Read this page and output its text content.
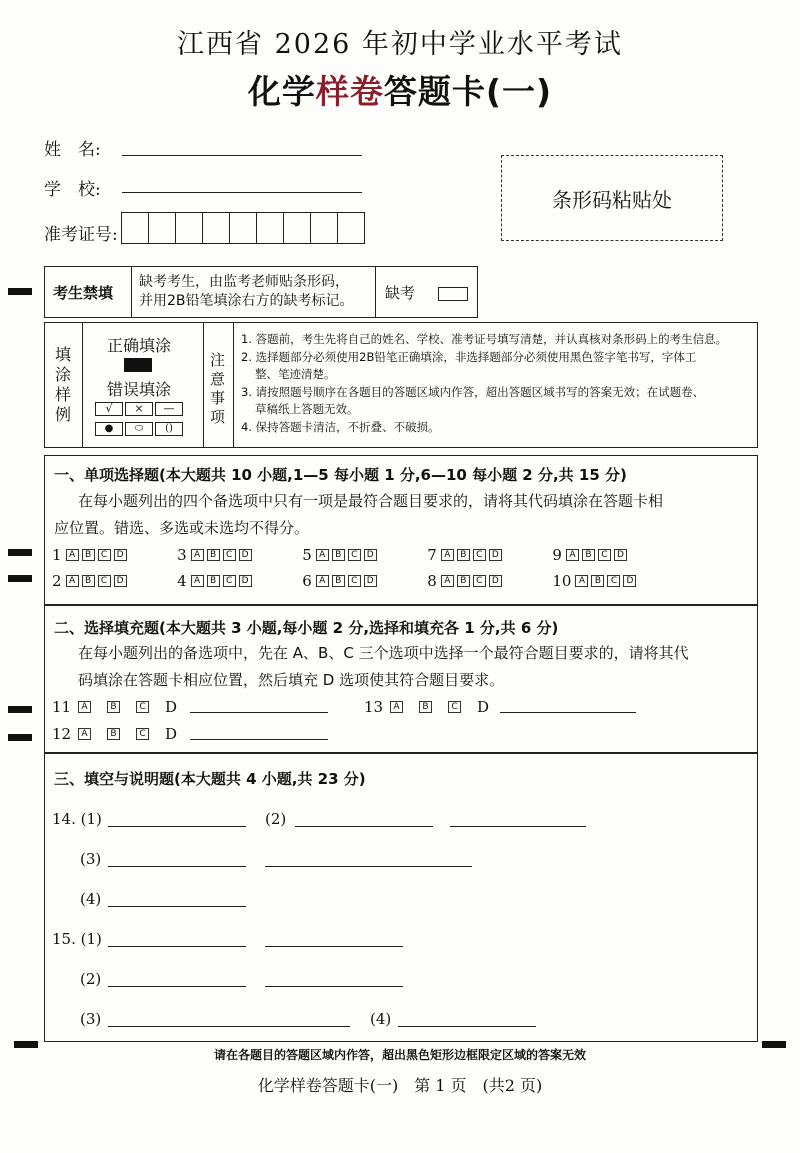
江西省 2026 年初中学业水平考试
化学样卷答题卡(一)
姓　名:
学　校:
准考证号:
条形码粘贴处
考生禁填
缺考考生，由监考老师贴条形码，
并用2B铅笔填涂右方的缺考标记。 缺考
填涂样例
正确填涂
错误填涂
√	×	—
●	⬭	()
注意事项
1. 答题前，考生先将自己的姓名、学校、准考证号填写清楚，并认真核对条形码上的考生信息。
2. 选择题部分必须使用2B铅笔正确填涂，非选择题部分必须使用黑色签字笔书写，字体工
整、笔迹清楚。
3. 请按照题号顺序在各题目的答题区域内作答，超出答题区域书写的答案无效；在试题卷、
草稿纸上答题无效。
4. 保持答题卡清洁，不折叠、不破损。
一、单项选择题(本大题共 10 小题,1—5 每小题 1 分,6—10 每小题 2 分,共 15 分)
在每小题列出的四个备选项中只有一项是最符合题目要求的，请将其代码填涂在答题卡相
应位置。错选、多选或未选均不得分。
1 A B C D	3 A B C D	5 A B C D	7 A B C D	9 A B C D
2 A B C D	4 A B C D	6 A B C D	8 A B C D	10 A B C D
二、选择填充题(本大题共 3 小题,每小题 2 分,选择和填充各 1 分,共 6 分)
在每小题列出的备选项中，先在 A、B、C 三个选项中选择一个最符合题目要求的，请将其代
码填涂在答题卡相应位置，然后填充 D 选项使其符合题目要求。
11 A	B	C D	13 A	B	C D
12 A	B	C D
三、填空与说明题(本大题共 4 小题,共 23 分)
14. (1)	(2)
(3)
(4)
15. (1)
(2)
(3)	(4)
请在各题目的答题区域内作答，超出黑色矩形边框限定区域的答案无效
化学样卷答题卡(一)　第 1 页　(共2 页)
